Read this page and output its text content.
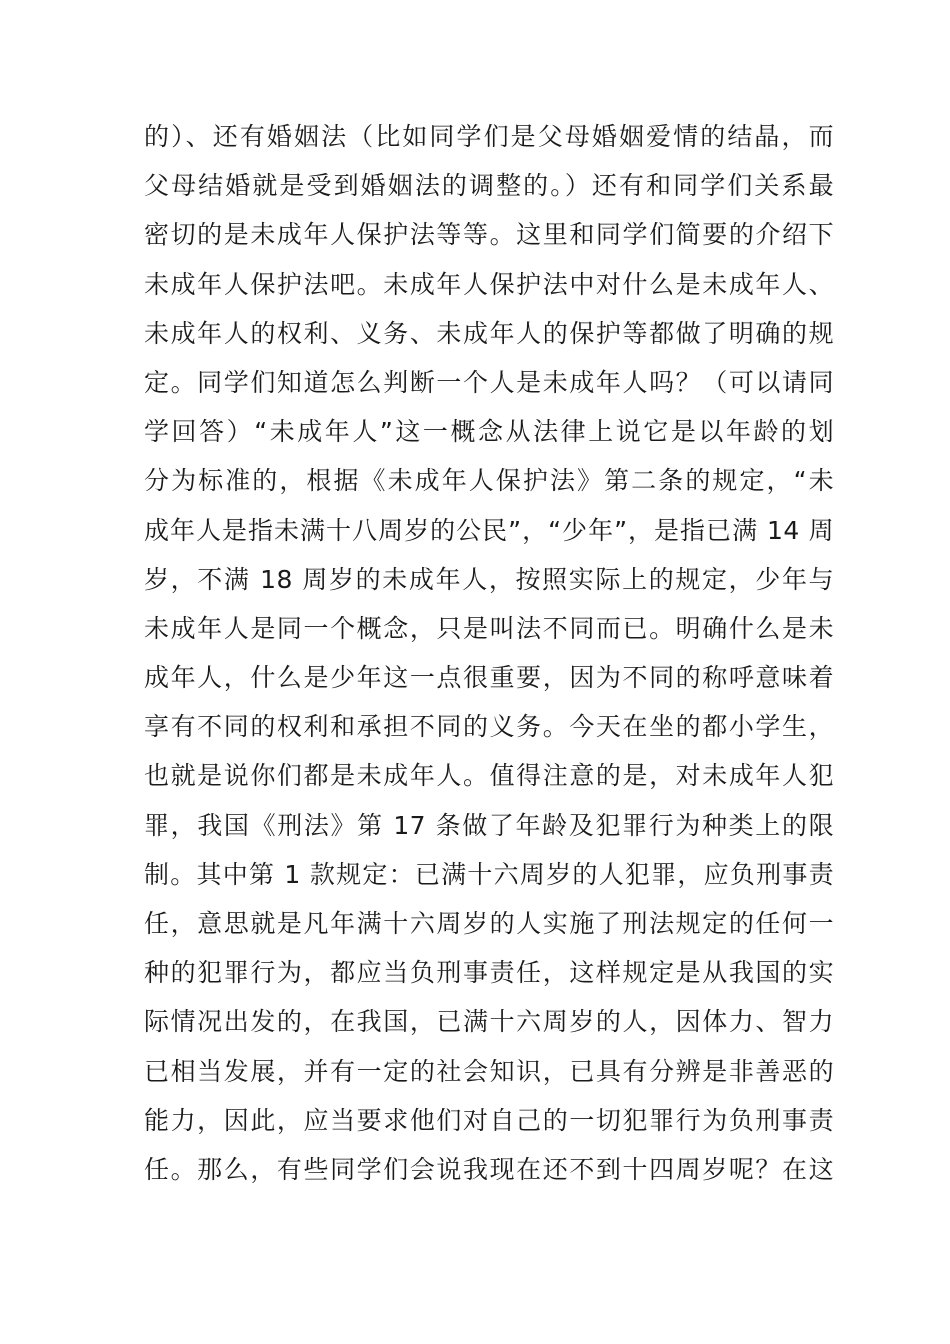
的）、还有婚姻法（比如同学们是父母婚姻爱情的结晶，而
父母结婚就是受到婚姻法的调整的。）还有和同学们关系最
密切的是未成年人保护法等等。这里和同学们简要的介绍下
未成年人保护法吧。未成年人保护法中对什么是未成年人、
未成年人的权利、义务、未成年人的保护等都做了明确的规
定。同学们知道怎么判断一个人是未成年人吗？（可以请同
学回答）“未成年人”这一概念从法律上说它是以年龄的划
分为标准的，根据《未成年人保护法》第二条的规定，“未
成年人是指未满十八周岁的公民”，“少年”，是指已满 14 周
岁，不满 18 周岁的未成年人，按照实际上的规定，少年与
未成年人是同一个概念，只是叫法不同而已。明确什么是未
成年人，什么是少年这一点很重要，因为不同的称呼意味着
享有不同的权利和承担不同的义务。今天在坐的都小学生，
也就是说你们都是未成年人。值得注意的是，对未成年人犯
罪，我国《刑法》第 17 条做了年龄及犯罪行为种类上的限
制。其中第 1 款规定：已满十六周岁的人犯罪，应负刑事责
任，意思就是凡年满十六周岁的人实施了刑法规定的任何一
种的犯罪行为，都应当负刑事责任，这样规定是从我国的实
际情况出发的，在我国，已满十六周岁的人，因体力、智力
已相当发展，并有一定的社会知识，已具有分辨是非善恶的
能力，因此，应当要求他们对自己的一切犯罪行为负刑事责
任。那么，有些同学们会说我现在还不到十四周岁呢？在这
